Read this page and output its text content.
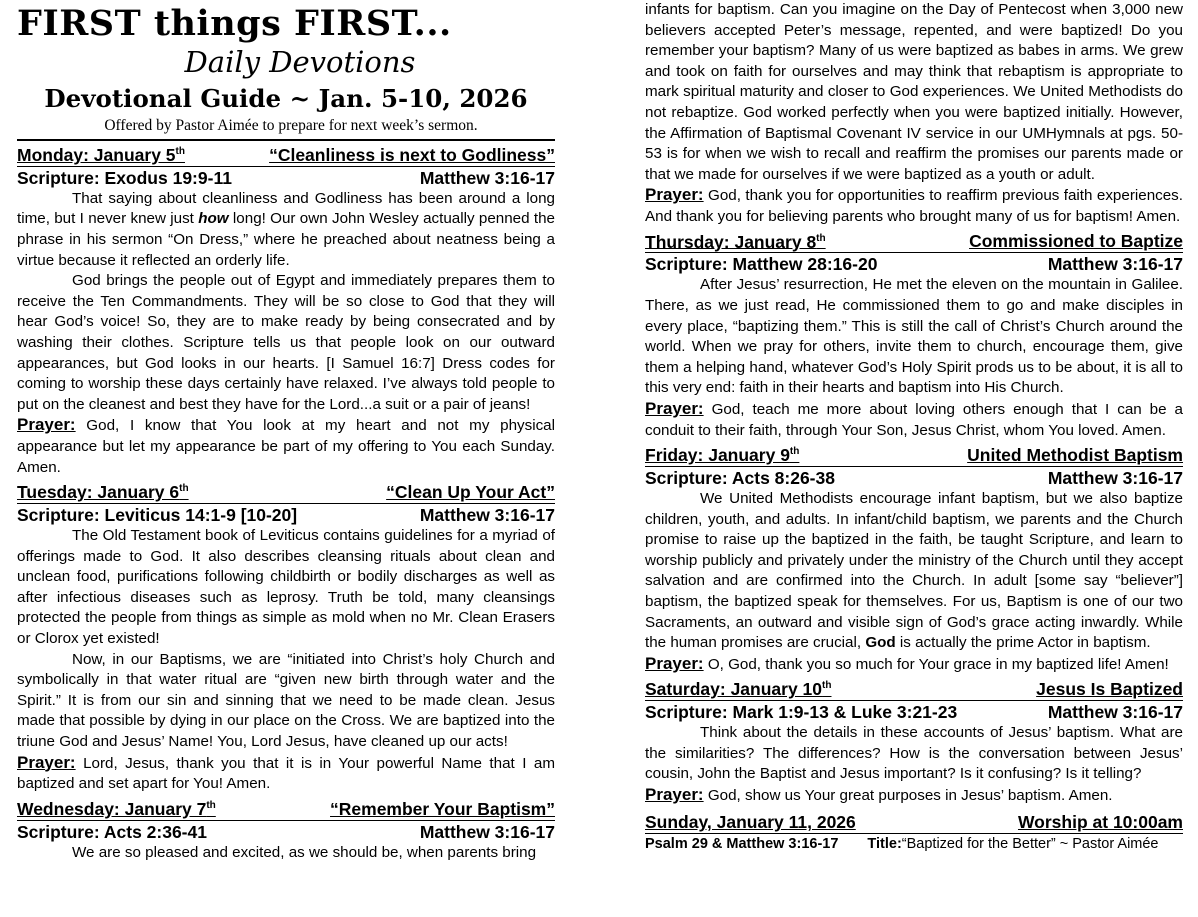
FIRST things FIRST...
Daily Devotions
Devotional Guide ~ Jan. 5-10, 2026
Offered by Pastor Aimée to prepare for next week’s sermon.
Monday: January 5th	“Cleanliness is next to Godliness”
Scripture: Exodus 19:9-11	Matthew 3:16-17

That saying about cleanliness and Godliness has been around a long time, but I never knew just how long! Our own John Wesley actually penned the phrase in his sermon “On Dress,” where he preached about neatness being a virtue because it reflected an orderly life.

God brings the people out of Egypt and immediately prepares them to receive the Ten Commandments. They will be so close to God that they will hear God’s voice! So, they are to make ready by being consecrated and by washing their clothes. Scripture tells us that people look on our outward appearances, but God looks in our hearts. [I Samuel 16:7] Dress codes for coming to worship these days certainly have relaxed. I’ve always told people to put on the cleanest and best they have for the Lord...a suit or a pair of jeans!

Prayer: God, I know that You look at my heart and not my physical appearance but let my appearance be part of my offering to You each Sunday. Amen.

Tuesday: January 6th	“Clean Up Your Act”
Scripture: Leviticus 14:1-9 [10-20]	Matthew 3:16-17

The Old Testament book of Leviticus contains guidelines for a myriad of offerings made to God. It also describes cleansing rituals about clean and unclean food, purifications following childbirth or bodily discharges as well as after infectious diseases such as leprosy. Truth be told, many cleansings protected the people from things as simple as mold when no Mr. Clean Erasers or Clorox yet existed!

Now, in our Baptisms, we are “initiated into Christ’s holy Church and symbolically in that water ritual are “given new birth through water and the Spirit.” It is from our sin and sinning that we need to be made clean. Jesus made that possible by dying in our place on the Cross. We are baptized into the triune God and Jesus’ Name! You, Lord Jesus, have cleaned up our acts!

Prayer: Lord, Jesus, thank you that it is in Your powerful Name that I am baptized and set apart for You! Amen.

Wednesday: January 7th	“Remember Your Baptism”
Scripture: Acts 2:36-41	Matthew 3:16-17

We are so pleased and excited, as we should be, when parents bring

infants for baptism. Can you imagine on the Day of Pentecost when 3,000 new believers accepted Peter’s message, repented, and were baptized! Do you remember your baptism? Many of us were baptized as babes in arms. We grew and took on faith for ourselves and may think that rebaptism is appropriate to mark spiritual maturity and closer to God experiences. We United Methodists do not rebaptize. God worked perfectly when you were baptized initially. However, the Affirmation of Baptismal Covenant IV service in our UMHymnals at pgs. 50-53 is for when we wish to recall and reaffirm the promises our parents made or that we made for ourselves if we were baptized as a youth or adult.

Prayer: God, thank you for opportunities to reaffirm previous faith experiences. And thank you for believing parents who brought many of us for baptism! Amen.

Thursday: January 8th	Commissioned to Baptize
Scripture: Matthew 28:16-20	Matthew 3:16-17

After Jesus’ resurrection, He met the eleven on the mountain in Galilee. There, as we just read, He commissioned them to go and make disciples in every place, “baptizing them.” This is still the call of Christ’s Church around the world. When we pray for others, invite them to church, encourage them, give them a helping hand, whatever God’s Holy Spirit prods us to be about, it is all to this very end: faith in their hearts and baptism into His Church.

Prayer: God, teach me more about loving others enough that I can be a conduit to their faith, through Your Son, Jesus Christ, whom You loved. Amen.

Friday: January 9th	United Methodist Baptism
Scripture: Acts 8:26-38	Matthew 3:16-17

We United Methodists encourage infant baptism, but we also baptize children, youth, and adults. In infant/child baptism, we parents and the Church promise to raise up the baptized in the faith, be taught Scripture, and learn to worship publicly and privately under the ministry of the Church until they accept salvation and are confirmed into the Church. In adult [some say “believer”] baptism, the baptized speak for themselves. For us, Baptism is one of our two Sacraments, an outward and visible sign of God’s grace acting inwardly. While the human promises are crucial, God is actually the prime Actor in baptism.

Prayer: O, God, thank you so much for Your grace in my baptized life! Amen!

Saturday: January 10th	Jesus Is Baptized
Scripture: Mark 1:9-13 & Luke 3:21-23	Matthew 3:16-17

Think about the details in these accounts of Jesus’ baptism. What are the similarities? The differences? How is the conversation between Jesus’ cousin, John the Baptist and Jesus important? Is it confusing? Is it telling?

Prayer: God, show us Your great purposes in Jesus’ baptism. Amen.

Sunday, January 11, 2026	Worship at 10:00am
Psalm 29 & Matthew 3:16-17 Title: “Baptized for the Better” ~ Pastor Aimée
